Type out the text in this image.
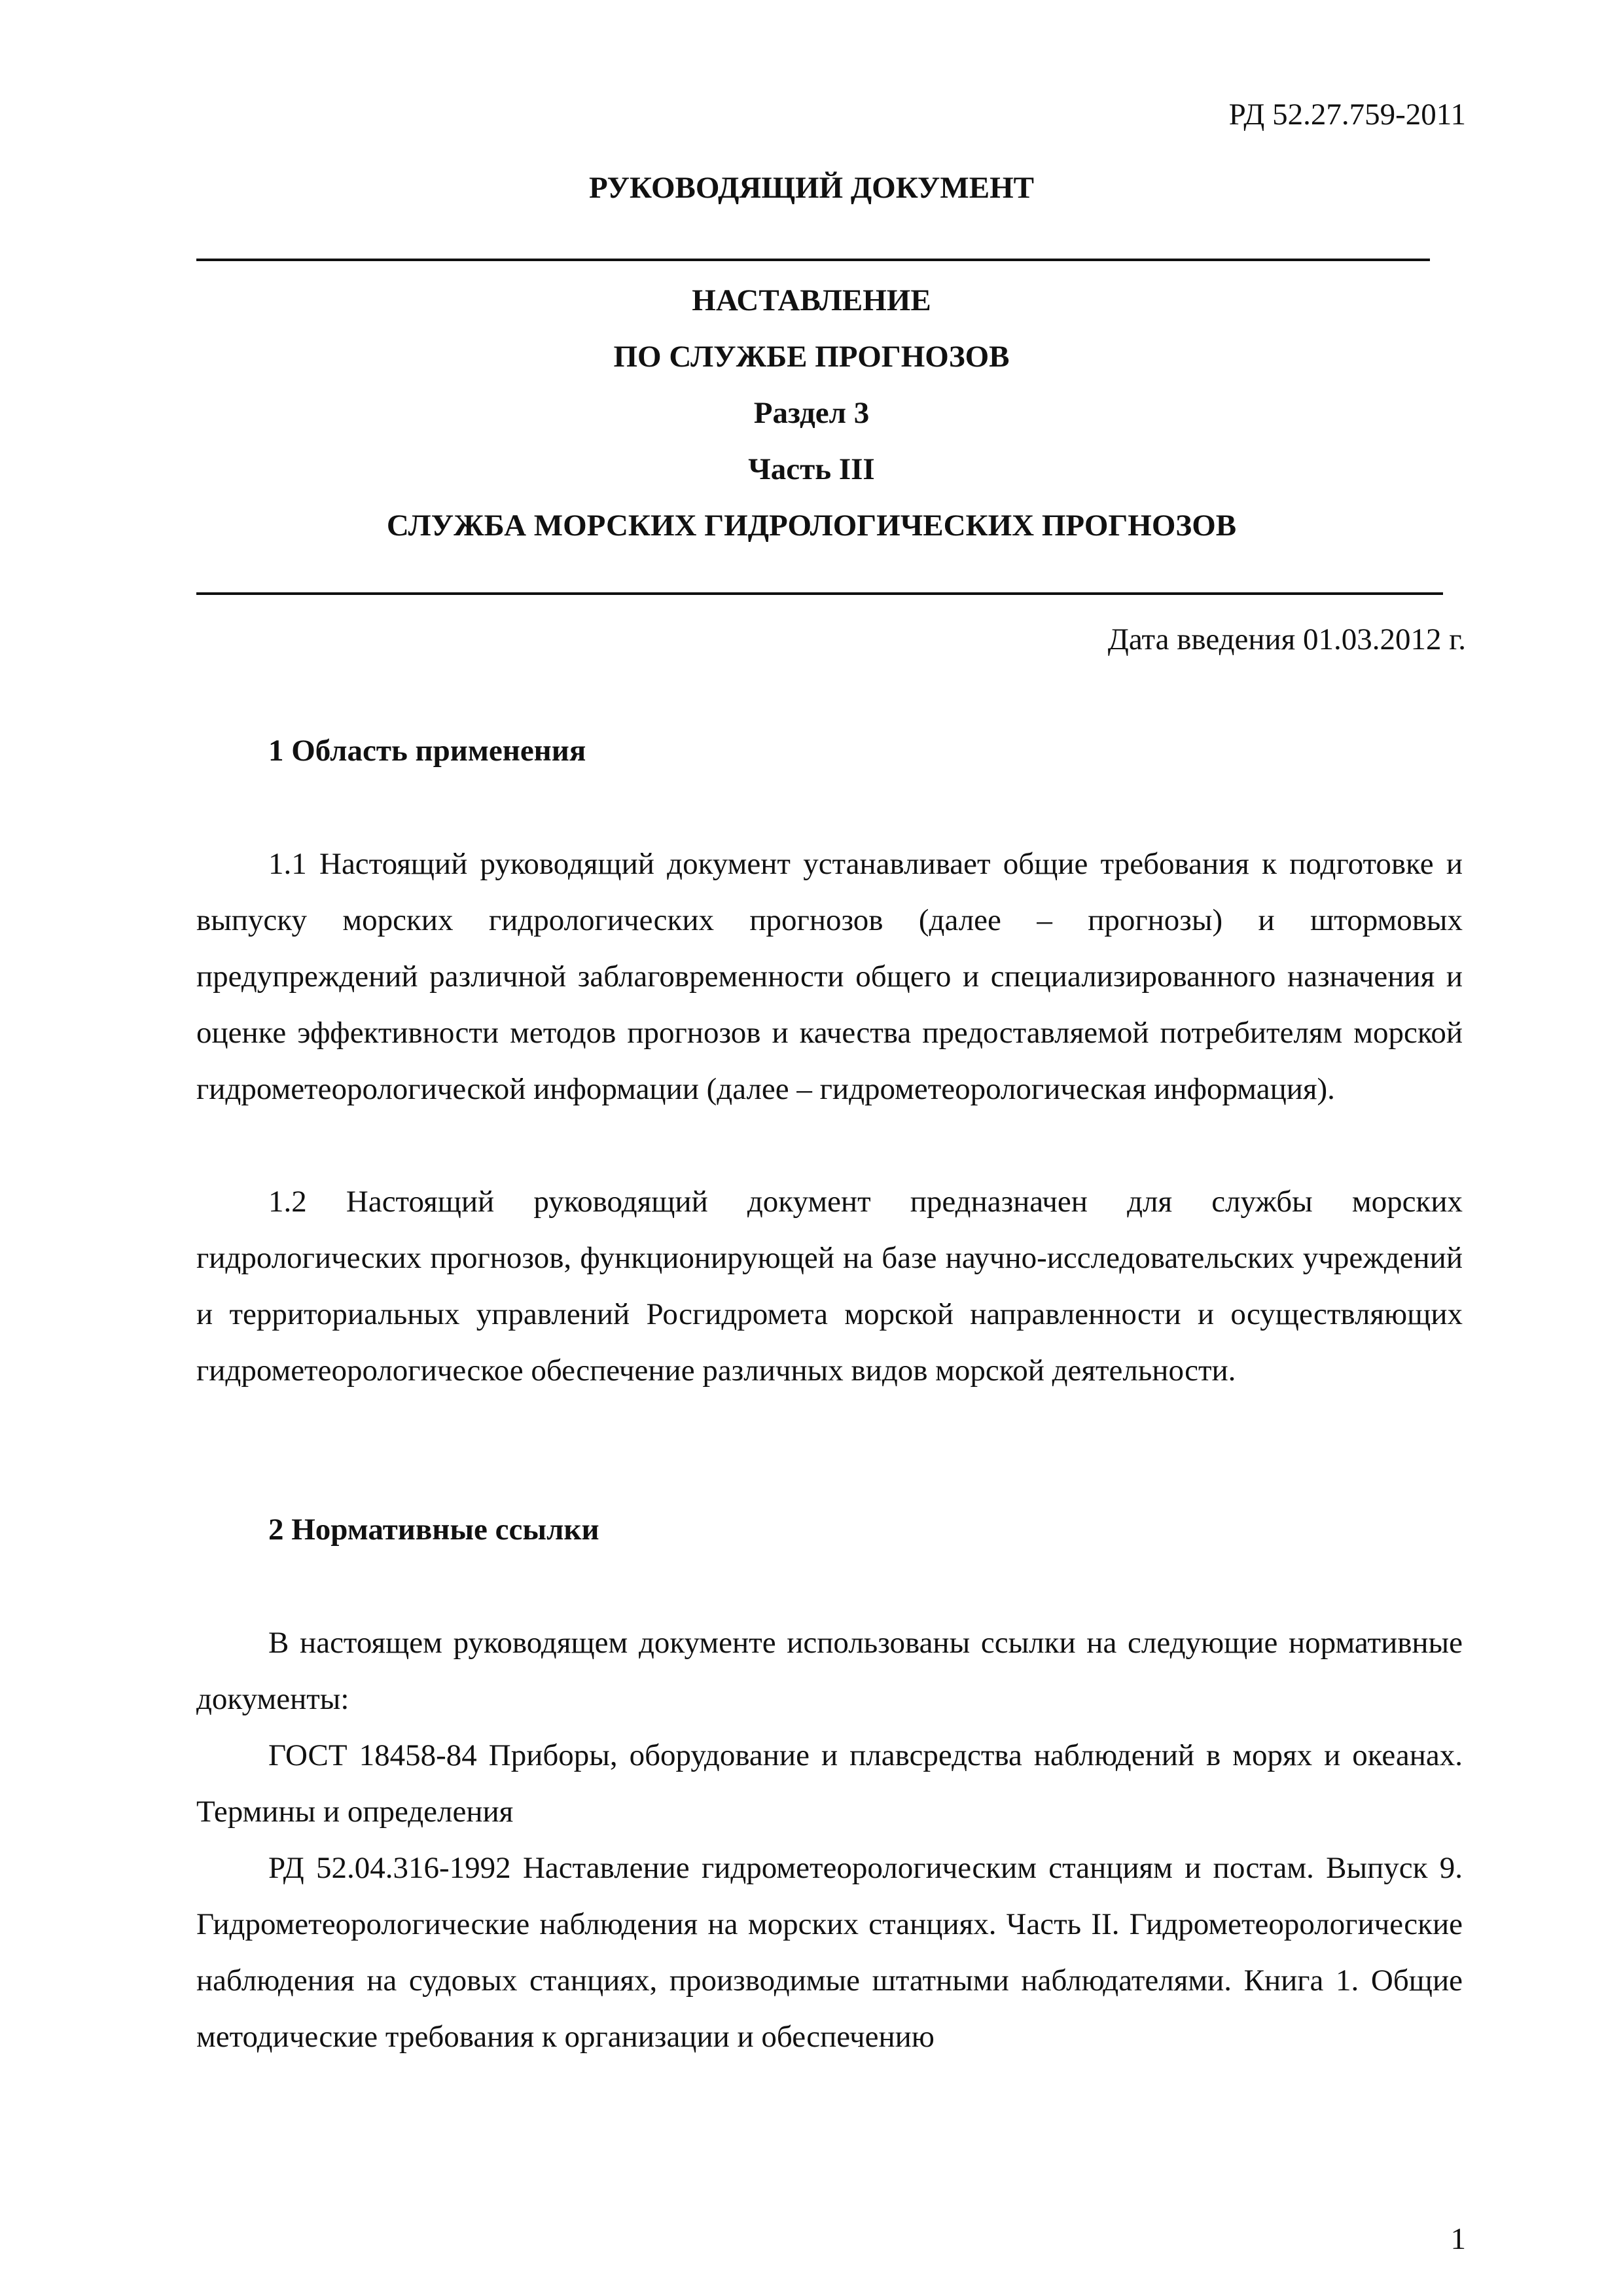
РД 52.27.759-2011
РУКОВОДЯЩИЙ ДОКУМЕНТ
НАСТАВЛЕНИЕ
ПО СЛУЖБЕ ПРОГНОЗОВ
Раздел 3
Часть III
СЛУЖБА МОРСКИХ ГИДРОЛОГИЧЕСКИХ ПРОГНОЗОВ
Дата введения 01.03.2012 г.
1 Область применения
1.1 Настоящий руководящий документ устанавливает общие требования к подготовке и выпуску морских гидрологических прогнозов (далее – прогнозы) и штормовых предупреждений различной заблаговременности общего и специализированного назначения и оценке эффективности методов прогнозов и качества предоставляемой потребителям морской гидрометеорологической информации (далее – гидрометеорологическая информация).
1.2 Настоящий руководящий документ предназначен для службы морских гидрологических прогнозов, функционирующей на базе научно-исследовательских учреждений и территориальных управлений Росгидромета морской направленности и осуществляющих гидрометеорологическое обеспечение различных видов морской деятельности.
2 Нормативные ссылки
В настоящем руководящем документе использованы ссылки на следующие нормативные документы:
ГОСТ 18458-84 Приборы, оборудование и плавсредства наблюдений в морях и океанах. Термины и определения
РД 52.04.316-1992 Наставление гидрометеорологическим станциям и постам. Выпуск 9. Гидрометеорологические наблюдения на морских станциях. Часть II. Гидрометеорологические наблюдения на судовых станциях, производимые штатными наблюдателями. Книга 1. Общие методические требования к организации и обеспечению
1
